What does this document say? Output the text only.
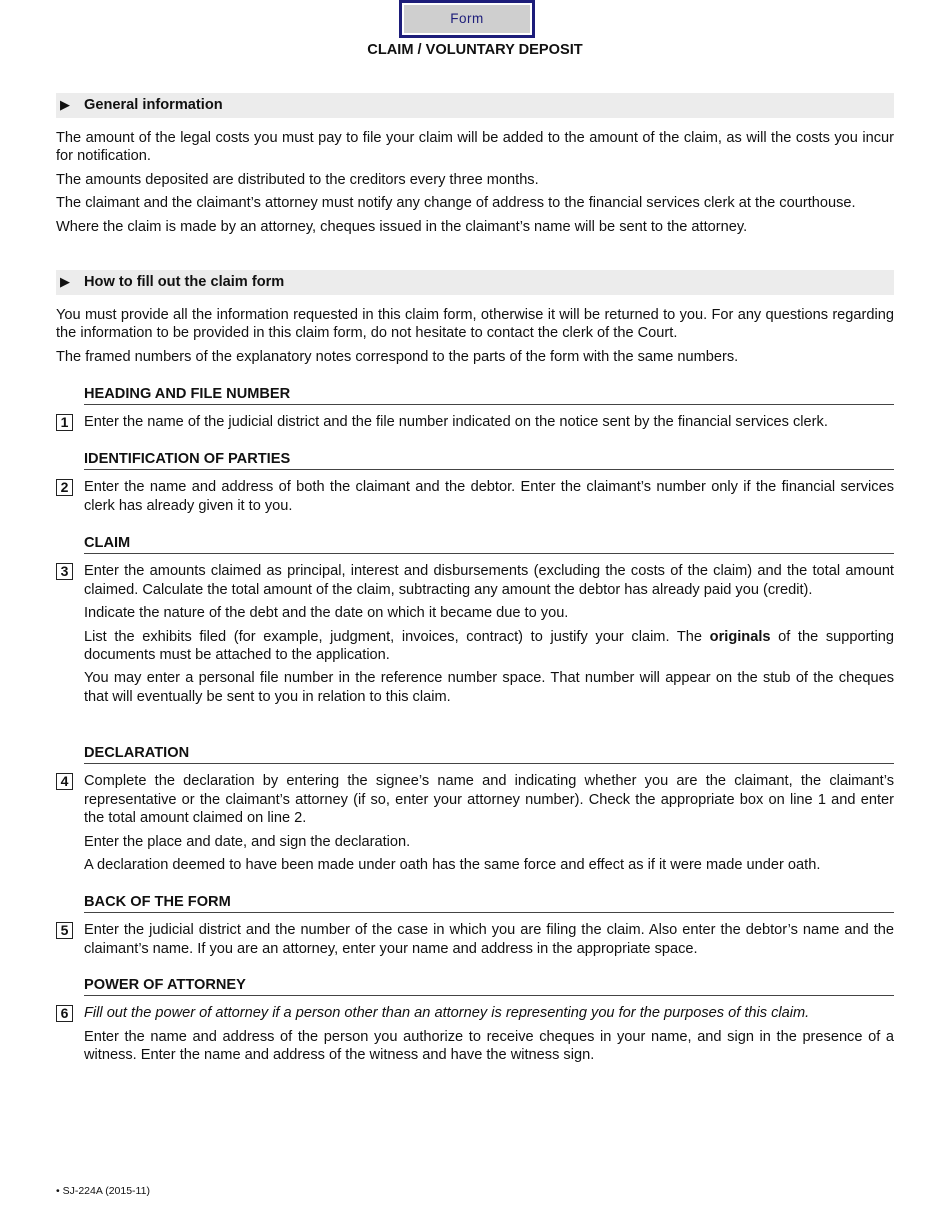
Form
CLAIM / VOLUNTARY DEPOSIT
▶ General information

The amount of the legal costs you must pay to file your claim will be added to the amount of the claim, as will the costs you incur for notification.

The amounts deposited are distributed to the creditors every three months.

The claimant and the claimant’s attorney must notify any change of address to the financial services clerk at the courthouse.

Where the claim is made by an attorney, cheques issued in the claimant’s name will be sent to the attorney.

▶ How to fill out the claim form

You must provide all the information requested in this claim form, otherwise it will be returned to you. For any questions regarding the information to be provided in this claim form, do not hesitate to contact the clerk of the Court.

The framed numbers of the explanatory notes correspond to the parts of the form with the same numbers.

HEADING AND FILE NUMBER
1	Enter the name of the judicial district and the file number indicated on the notice sent by the financial services clerk.

IDENTIFICATION OF PARTIES
2	Enter the name and address of both the claimant and the debtor. Enter the claimant’s number only if the financial services clerk has already given it to you.

CLAIM
3	Enter the amounts claimed as principal, interest and disbursements (excluding the costs of the claim) and the total amount claimed. Calculate the total amount of the claim, subtracting any amount the debtor has already paid you (credit).

Indicate the nature of the debt and the date on which it became due to you.

List the exhibits filed (for example, judgment, invoices, contract) to justify your claim. The originals of the supporting documents must be attached to the application.

You may enter a personal file number in the reference number space. That number will appear on the stub of the cheques that will eventually be sent to you in relation to this claim.

DECLARATION
4	Complete the declaration by entering the signee’s name and indicating whether you are the claimant, the claimant’s representative or the claimant’s attorney (if so, enter your attorney number). Check the appropriate box on line 1 and enter the total amount claimed on line 2.

Enter the place and date, and sign the declaration.

A declaration deemed to have been made under oath has the same force and effect as if it were made under oath.

BACK OF THE FORM
5	Enter the judicial district and the number of the case in which you are filing the claim. Also enter the debtor’s name and the claimant’s name. If you are an attorney, enter your name and address in the appropriate space.

POWER OF ATTORNEY
6	Fill out the power of attorney if a person other than an attorney is representing you for the purposes of this claim.

Enter the name and address of the person you authorize to receive cheques in your name, and sign in the presence of a witness. Enter the name and address of the witness and have the witness sign.

• SJ-224A (2015-11)
